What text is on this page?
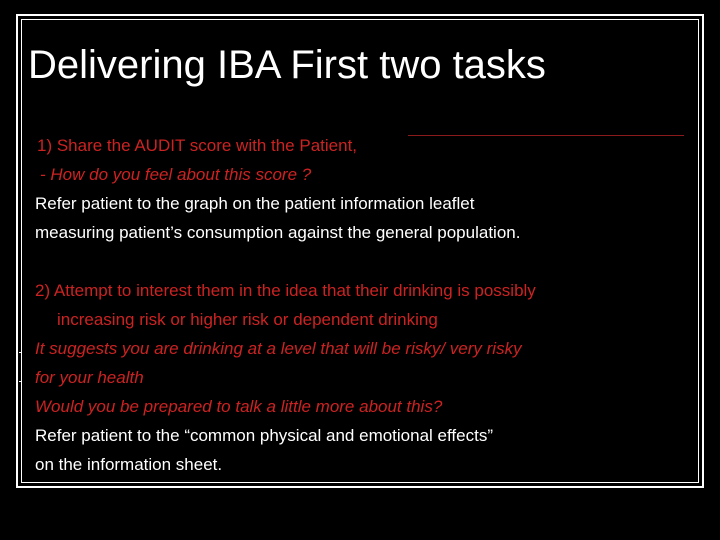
Delivering IBA First two tasks
1) Share the AUDIT score with the Patient,
- How do you feel about this score ?
Refer patient to the graph on the patient information leaflet
measuring patient’s consumption against the general population.
2) Attempt to interest them in the idea that their drinking is possibly
increasing risk or higher risk or dependent drinking
It suggests you are drinking at a level that will be risky/ very risky
for your health
Would you be prepared to talk a little more about this?
Refer patient to the “common physical and emotional effects”
on the information sheet.
